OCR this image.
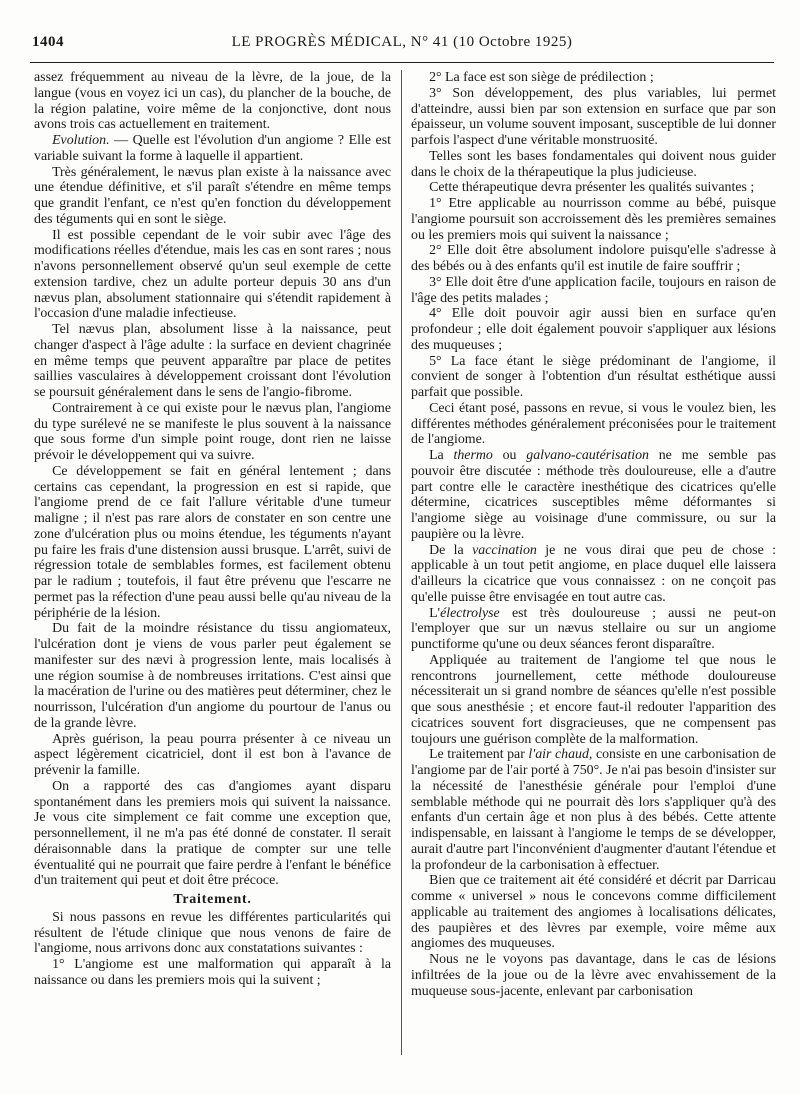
1404	LE PROGRÈS MÉDICAL, N° 41 (10 Octobre 1925)

assez fréquemment au niveau de la lèvre, de la joue, de la langue (vous en voyez ici un cas), du plancher de la bouche, de la région palatine, voire même de la conjonctive, dont nous avons trois cas actuellement en traitement.

Evolution. — Quelle est l'évolution d'un angiome ? Elle est variable suivant la forme à laquelle il appartient.

Très généralement, le nævus plan existe à la naissance avec une étendue définitive, et s'il paraît s'étendre en même temps que grandit l'enfant, ce n'est qu'en fonction du développement des téguments qui en sont le siège.

Il est possible cependant de le voir subir avec l'âge des modifications réelles d'étendue, mais les cas en sont rares ; nous n'avons personnellement observé qu'un seul exemple de cette extension tardive, chez un adulte porteur depuis 30 ans d'un nævus plan, absolument stationnaire qui s'étendit rapidement à l'occasion d'une maladie infectieuse.

Tel nævus plan, absolument lisse à la naissance, peut changer d'aspect à l'âge adulte : la surface en devient chagrinée en même temps que peuvent apparaître par place de petites saillies vasculaires à développement croissant dont l'évolution se poursuit généralement dans le sens de l'angio-fibrome.

Contrairement à ce qui existe pour le nævus plan, l'angiome du type surélevé ne se manifeste le plus souvent à la naissance que sous forme d'un simple point rouge, dont rien ne laisse prévoir le développement qui va suivre.

Ce développement se fait en général lentement ; dans certains cas cependant, la progression en est si rapide, que l'angiome prend de ce fait l'allure véritable d'une tumeur maligne ; il n'est pas rare alors de constater en son centre une zone d'ulcération plus ou moins étendue, les téguments n'ayant pu faire les frais d'une distension aussi brusque. L'arrêt, suivi de régression totale de semblables formes, est facilement obtenu par le radium ; toutefois, il faut être prévenu que l'escarre ne permet pas la réfection d'une peau aussi belle qu'au niveau de la périphérie de la lésion.

Du fait de la moindre résistance du tissu angiomateux, l'ulcération dont je viens de vous parler peut également se manifester sur des nævi à progression lente, mais localisés à une région soumise à de nombreuses irritations. C'est ainsi que la macération de l'urine ou des matières peut déterminer, chez le nourrisson, l'ulcération d'un angiome du pourtour de l'anus ou de la grande lèvre.

Après guérison, la peau pourra présenter à ce niveau un aspect légèrement cicatriciel, dont il est bon à l'avance de prévenir la famille.

On a rapporté des cas d'angiomes ayant disparu spontanément dans les premiers mois qui suivent la naissance. Je vous cite simplement ce fait comme une exception que, personnellement, il ne m'a pas été donné de constater. Il serait déraisonnable dans la pratique de compter sur une telle éventualité qui ne pourrait que faire perdre à l'enfant le bénéfice d'un traitement qui peut et doit être précoce.

Traitement.

Si nous passons en revue les différentes particularités qui résultent de l'étude clinique que nous venons de faire de l'angiome, nous arrivons donc aux constatations suivantes :

1° L'angiome est une malformation qui apparaît à la naissance ou dans les premiers mois qui la suivent ;

2° La face est son siège de prédilection ;

3° Son développement, des plus variables, lui permet d'atteindre, aussi bien par son extension en surface que par son épaisseur, un volume souvent imposant, susceptible de lui donner parfois l'aspect d'une véritable monstruosité.

Telles sont les bases fondamentales qui doivent nous guider dans le choix de la thérapeutique la plus judicieuse.

Cette thérapeutique devra présenter les qualités suivantes ;

1° Etre applicable au nourrisson comme au bébé, puisque l'angiome poursuit son accroissement dès les premières semaines ou les premiers mois qui suivent la naissance ;

2° Elle doit être absolument indolore puisqu'elle s'adresse à des bébés ou à des enfants qu'il est inutile de faire souffrir ;

3° Elle doit être d'une application facile, toujours en raison de l'âge des petits malades ;

4° Elle doit pouvoir agir aussi bien en surface qu'en profondeur ; elle doit également pouvoir s'appliquer aux lésions des muqueuses ;

5° La face étant le siège prédominant de l'angiome, il convient de songer à l'obtention d'un résultat esthétique aussi parfait que possible.

Ceci étant posé, passons en revue, si vous le voulez bien, les différentes méthodes généralement préconisées pour le traitement de l'angiome.

La thermo ou galvano-cautérisation ne me semble pas pouvoir être discutée : méthode très douloureuse, elle a d'autre part contre elle le caractère inesthétique des cicatrices qu'elle détermine, cicatrices susceptibles même déformantes si l'angiome siège au voisinage d'une commissure, ou sur la paupière ou la lèvre.

De la vaccination je ne vous dirai que peu de chose : applicable à un tout petit angiome, en place duquel elle laissera d'ailleurs la cicatrice que vous connaissez : on ne conçoit pas qu'elle puisse être envisagée en tout autre cas.

L'électrolyse est très douloureuse ; aussi ne peut-on l'employer que sur un nævus stellaire ou sur un angiome punctiforme qu'une ou deux séances feront disparaître.

Appliquée au traitement de l'angiome tel que nous le rencontrons journellement, cette méthode douloureuse nécessiterait un si grand nombre de séances qu'elle n'est possible que sous anesthésie ; et encore faut-il redouter l'apparition des cicatrices souvent fort disgracieuses, que ne compensent pas toujours une guérison complète de la malformation.

Le traitement par l'air chaud, consiste en une carbonisation de l'angiome par de l'air porté à 750°. Je n'ai pas besoin d'insister sur la nécessité de l'anesthésie générale pour l'emploi d'une semblable méthode qui ne pourrait dès lors s'appliquer qu'à des enfants d'un certain âge et non plus à des bébés. Cette attente indispensable, en laissant à l'angiome le temps de se développer, aurait d'autre part l'inconvénient d'augmenter d'autant l'étendue et la profondeur de la carbonisation à effectuer.

Bien que ce traitement ait été considéré et décrit par Darricau comme « universel » nous le concevons comme difficilement applicable au traitement des angiomes à localisations délicates, des paupières et des lèvres par exemple, voire même aux angiomes des muqueuses.

Nous ne le voyons pas davantage, dans le cas de lésions infiltrées de la joue ou de la lèvre avec envahissement de la muqueuse sous-jacente, enlevant par carbonisation
